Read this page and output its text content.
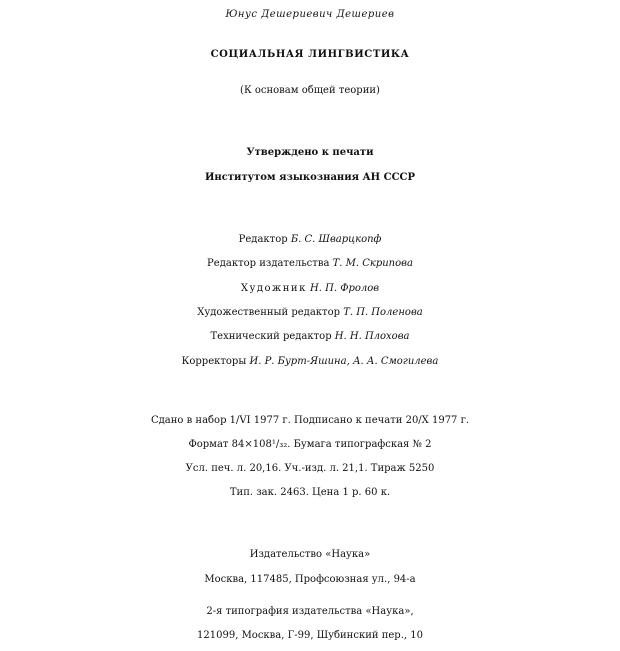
Юнус Дешериевич Дешериев
СОЦИАЛЬНАЯ ЛИНГВИСТИКА
(К основам общей теории)
Утверждено к печати
Институтом языкознания АН СССР
Редактор Б. С. Шварцкопф
Редактор издательства Т. М. Скрипова
Художник Н. П. Фролов
Художественный редактор Т. П. Поленова
Технический редактор Н. Н. Плохова
Корректоры И. Р. Бурт-Яшина, А. А. Смогилева
Сдано в набор 1/VI 1977 г. Подписано к печати 20/X 1977 г.
Формат 84×108¹/₃₂. Бумага типографская № 2
Усл. печ. л. 20,16. Уч.-изд. л. 21,1. Тираж 5250
Тип. зак. 2463. Цена 1 р. 60 к.
Издательство «Наука»
Москва, 117485, Профсоюзная ул., 94-а
2-я типография издательства «Наука»,
121099, Москва, Г-99, Шубинский пер., 10
